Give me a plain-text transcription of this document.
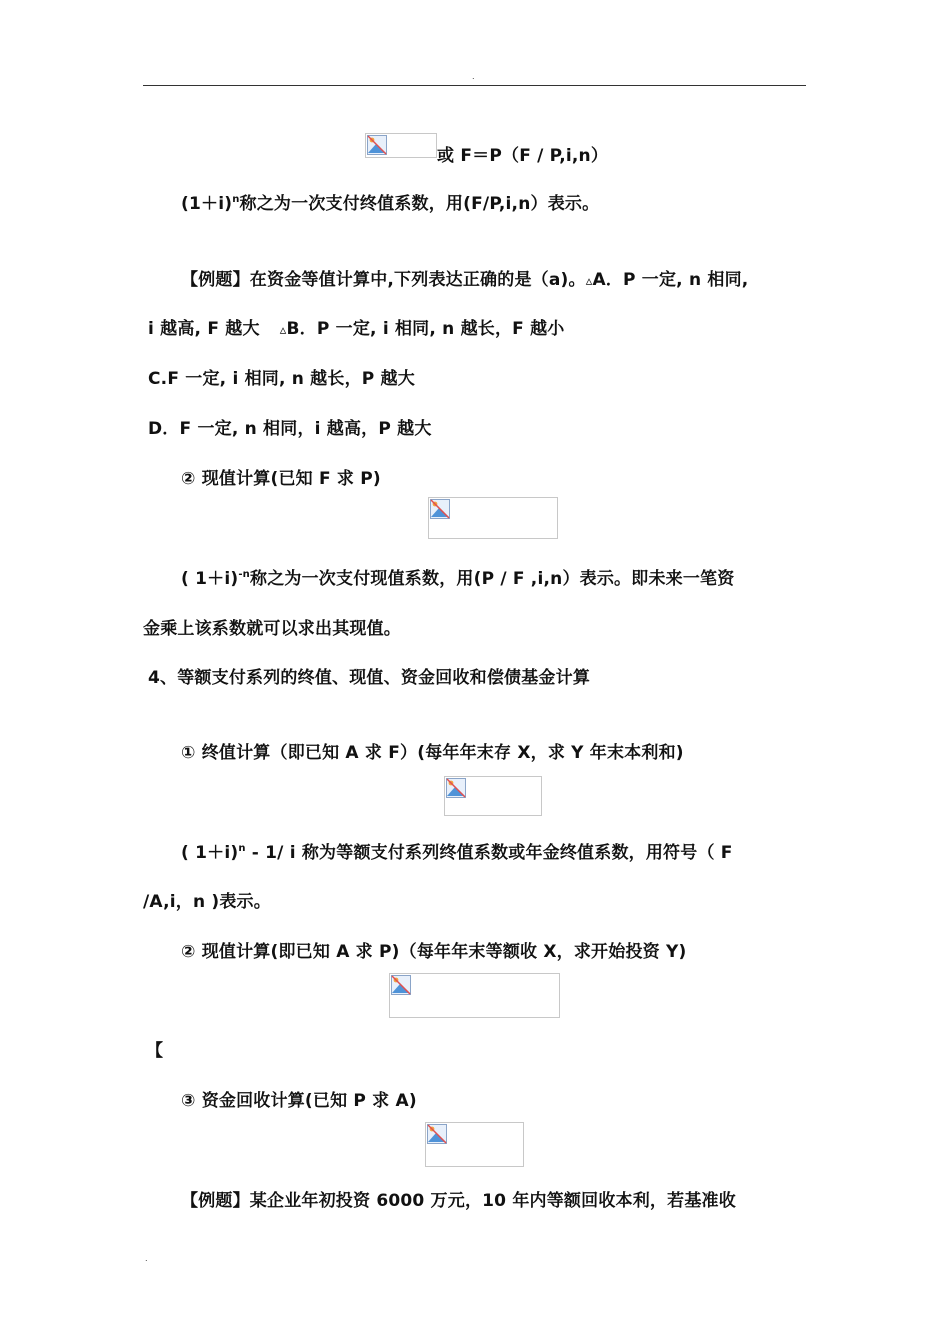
.
或 F＝P（F / P,i,n）
$(1+i)^n$称之为一次支付终值系数，用(F/P,i,n）表示。
【例题】在资金等值计算中,下列表达正确的是（a)。▵A．P 一定, n 相同,
i 越高, F 越大 ▵B．P 一定, i 相同, n 越长，F 越小
C.F 一定, i 相同, n 越长，P 越大
D．F 一定, n 相同，i 越高，P 越大
② 现值计算(已知 F 求 P)
( 1＋i)$^{-n}$称之为一次支付现值系数，用(P / F ,i,n）表示。即未来一笔资
金乘上该系数就可以求出其现值。
4、等额支付系列的终值、现值、资金回收和偿债基金计算
① 终值计算（即已知 A 求 F）(每年年末存 X，求 Y 年末本利和)
( 1＋i)$^n$ - 1/ i 称为等额支付系列终值系数或年金终值系数，用符号（ F
/A,i，n )表示。
② 现值计算(即已知 A 求 P)（每年年末等额收 X，求开始投资 Y)
【
③ 资金回收计算(已知 P 求 A)
【例题】某企业年初投资 6000 万元，10 年内等额回收本利，若基准收
.
